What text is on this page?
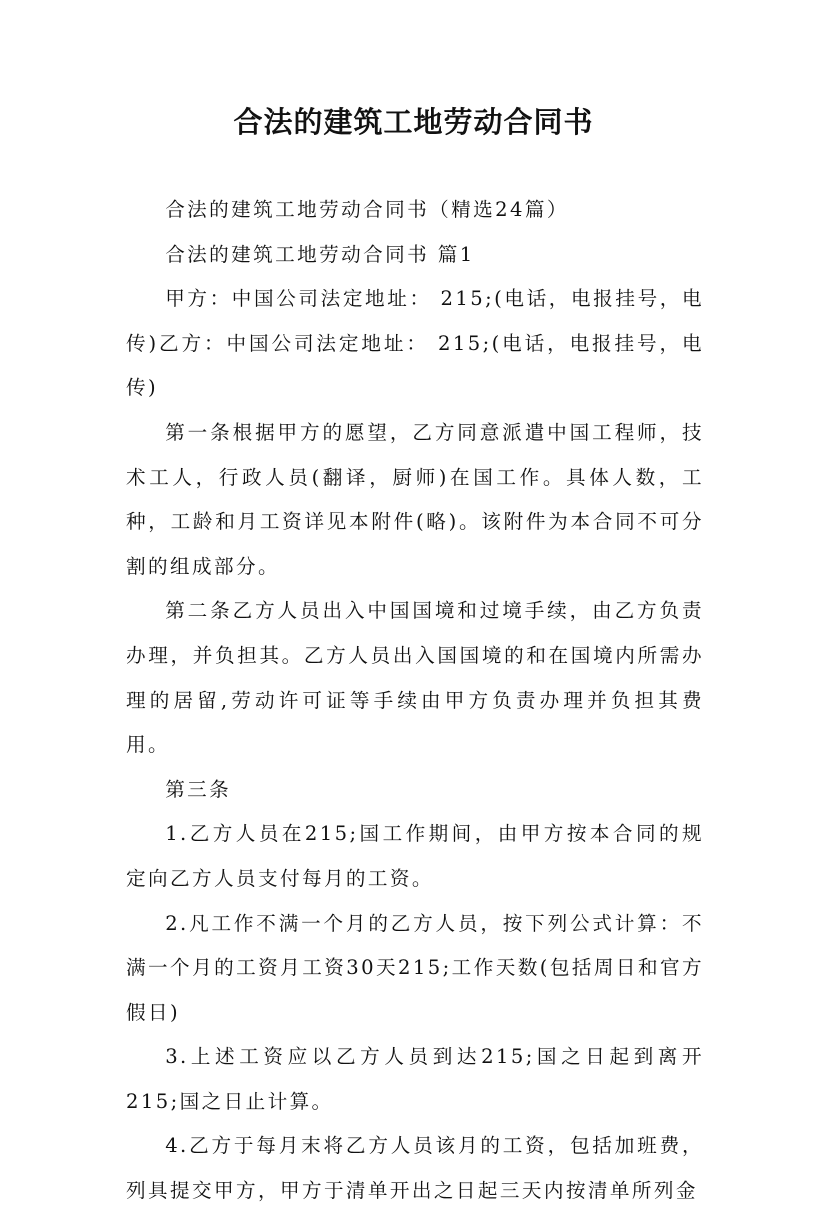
合法的建筑工地劳动合同书

合法的建筑工地劳动合同书（精选24篇）

合法的建筑工地劳动合同书 篇1

甲方：中国公司法定地址： 215;(电话，电报挂号，电传)乙方：中国公司法定地址： 215;(电话，电报挂号，电传)

第一条根据甲方的愿望，乙方同意派遣中国工程师，技术工人，行政人员(翻译，厨师)在国工作。具体人数，工种，工龄和月工资详见本附件(略)。该附件为本合同不可分割的组成部分。

第二条乙方人员出入中国国境和过境手续，由乙方负责办理，并负担其。乙方人员出入国国境的和在国境内所需办理的居留,劳动许可证等手续由甲方负责办理并负担其费用。

第三条

1.乙方人员在215;国工作期间，由甲方按本合同的规定向乙方人员支付每月的工资。

2.凡工作不满一个月的乙方人员，按下列公式计算：不满一个月的工资月工资30天215;工作天数(包括周日和官方假日)

3.上述工资应以乙方人员到达215;国之日起到离开215;国之日止计算。

4.乙方于每月末将乙方人员该月的工资，包括加班费，列具提交甲方，甲方于清单开出之日起三天内按清单所列金
